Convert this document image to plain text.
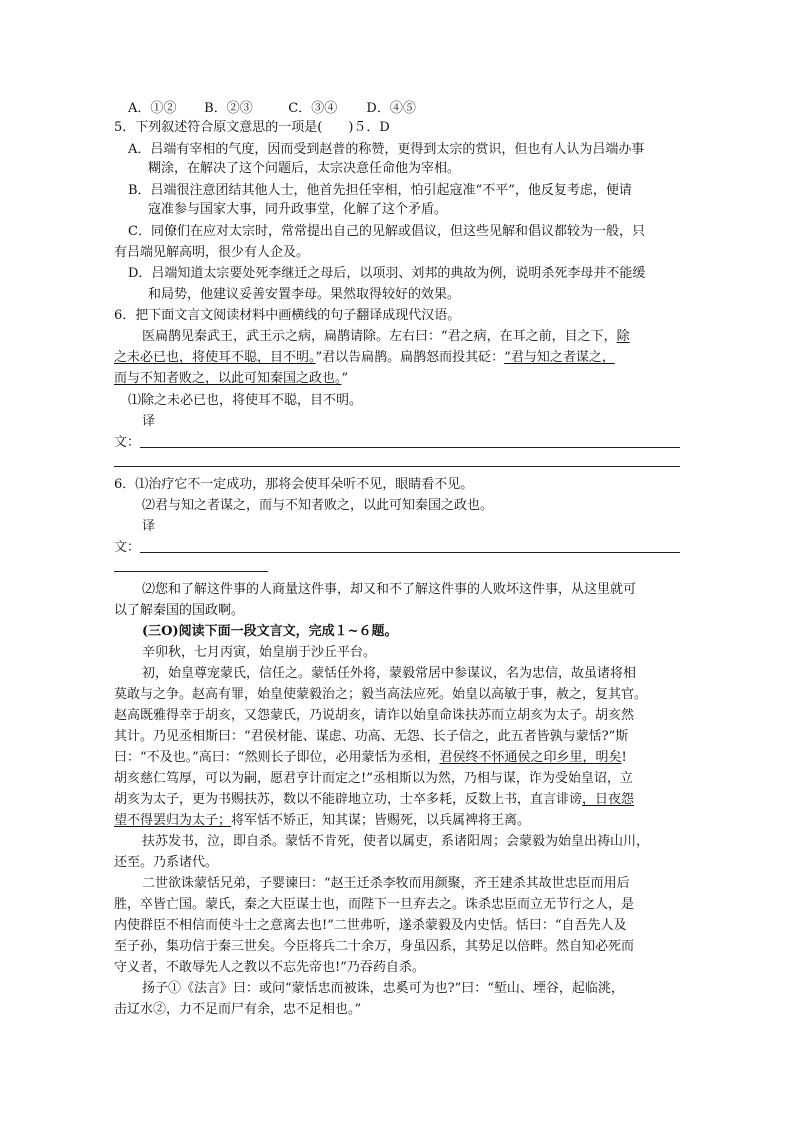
A．①② B．②③	C．③④ D．④⑤
5．下列叙述符合原文意思的一项是(　　)５．D
A．吕端有宰相的气度，因而受到赵普的称赞，更得到太宗的赏识，但也有人认为吕端办事
糊涂，在解决了这个问题后，太宗决意任命他为宰相。
B．吕端很注意团结其他人士，他首先担任宰相，怕引起寇准“不平”，他反复考虑，便请
寇准参与国家大事，同升政事堂，化解了这个矛盾。
C．同僚们在应对太宗时，常常提出自己的见解或倡议，但这些见解和倡议都较为一般，只
有吕端见解高明，很少有人企及。
D．吕端知道太宗要处死李继迁之母后，以项羽、刘邦的典故为例，说明杀死李母并不能缓
和局势，他建议妥善安置李母。果然取得较好的效果。
6．把下面文言文阅读材料中画横线的句子翻译成现代汉语。
医扁鹊见秦武王，武王示之病，扁鹊请除。左右曰：“君之病，在耳之前，目之下，除
之未必已也，将使耳不聪，目不明。”君以告扁鹊。扁鹊怒而投其砭：“君与知之者谋之，
而与不知者败之，以此可知秦国之政也。”
⑴除之未必已也，将使耳不聪，目不明。
译
文：
6．⑴治疗它不一定成功，那将会使耳朵听不见，眼睛看不见。
⑵君与知之者谋之，而与不知者败之，以此可知秦国之政也。
译
文：
⑵您和了解这件事的人商量这件事，却又和不了解这件事的人败坏这件事，从这里就可
以了解秦国的国政啊。
(三O)阅读下面一段文言文，完成１~６题。
辛卯秋，七月丙寅，始皇崩于沙丘平台。
初，始皇尊宠蒙氏，信任之。蒙恬任外将，蒙毅常居中参谋议，名为忠信，故虽诸将相
莫敢与之争。赵高有罪，始皇使蒙毅治之；毅当高法应死。始皇以高敏于事，赦之，复其官。
赵高既雅得幸于胡亥，又怨蒙氏，乃说胡亥，请诈以始皇命诛扶苏而立胡亥为太子。胡亥然
其计。乃见丞相斯曰：“君侯材能、谋虑、功高、无怨、长子信之，此五者皆孰与蒙恬?”斯
曰：“不及也。”高曰：“然则长子即位，必用蒙恬为丞相，君侯终不怀通侯之印乡里，明矣!
胡亥慈仁笃厚，可以为嗣，愿君亨计而定之!”丞相斯以为然，乃相与谋，诈为受始皇诏，立
胡亥为太子，更为书赐扶苏，数以不能辟地立功，士卒多耗，反数上书，直言诽谤，日夜怨
望不得罢归为太子；将军恬不矫正，知其谋；皆赐死，以兵属裨将王离。
扶苏发书，泣，即自杀。蒙恬不肯死，使者以属吏，系诸阳周；会蒙毅为始皇出祷山川，
还至。乃系诸代。
二世欲诛蒙恬兄弟，子婴谏曰：“赵王迁杀李牧而用颜聚，齐王建杀其故世忠臣而用后
胜，卒皆亡国。蒙氏，秦之大臣谋士也，而陛下一旦弃去之。诛杀忠臣而立无节行之人，是
内使群臣不相信而使斗士之意离去也!”二世弗听，遂杀蒙毅及内史恬。恬曰：“自吾先人及
至子孙，集功信于秦三世矣。今臣将兵二十余万，身虽囚系，其势足以倍畔。然自知必死而
守义者，不敢辱先人之教以不忘先帝也!”乃吞药自杀。
扬子①《法言》曰：或问“蒙恬忠而被诛，忠奚可为也?”曰：“堑山、堙谷，起临洮，
击辽水②，力不足而尸有余，忠不足相也。”
